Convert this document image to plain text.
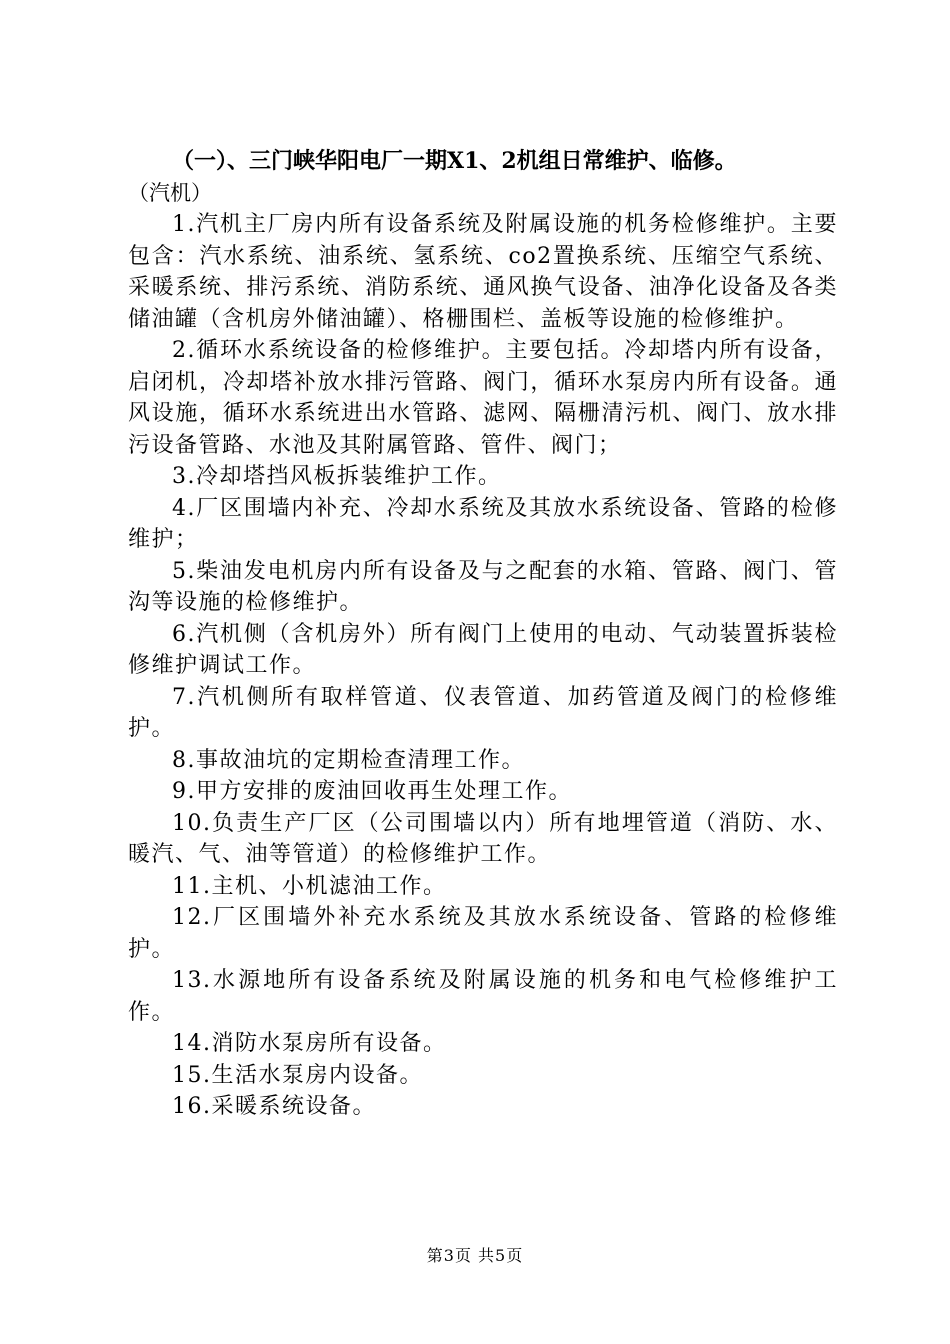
（一）、三门峡华阳电厂一期X1、2机组日常维护、临修。

（汽机）

1.汽机主厂房内所有设备系统及附属设施的机务检修维护。主要包含：汽水系统、油系统、氢系统、co2置换系统、压缩空气系统、采暖系统、排污系统、消防系统、通风换气设备、油净化设备及各类储油罐（含机房外储油罐）、格栅围栏、盖板等设施的检修维护。

2.循环水系统设备的检修维护。主要包括。冷却塔内所有设备，启闭机，冷却塔补放水排污管路、阀门，循环水泵房内所有设备。通风设施，循环水系统进出水管路、滤网、隔栅清污机、阀门、放水排污设备管路、水池及其附属管路、管件、阀门；

3.冷却塔挡风板拆装维护工作。

4.厂区围墙内补充、冷却水系统及其放水系统设备、管路的检修维护；

5.柴油发电机房内所有设备及与之配套的水箱、管路、阀门、管沟等设施的检修维护。

6.汽机侧（含机房外）所有阀门上使用的电动、气动装置拆装检修维护调试工作。

7.汽机侧所有取样管道、仪表管道、加药管道及阀门的检修维护。

8.事故油坑的定期检查清理工作。

9.甲方安排的废油回收再生处理工作。

10.负责生产厂区（公司围墙以内）所有地埋管道（消防、水、暖汽、气、油等管道）的检修维护工作。

11.主机、小机滤油工作。

12.厂区围墙外补充水系统及其放水系统设备、管路的检修维护。

13.水源地所有设备系统及附属设施的机务和电气检修维护工作。

14.消防水泵房所有设备。

15.生活水泵房内设备。

16.采暖系统设备。

第3页 共5页
